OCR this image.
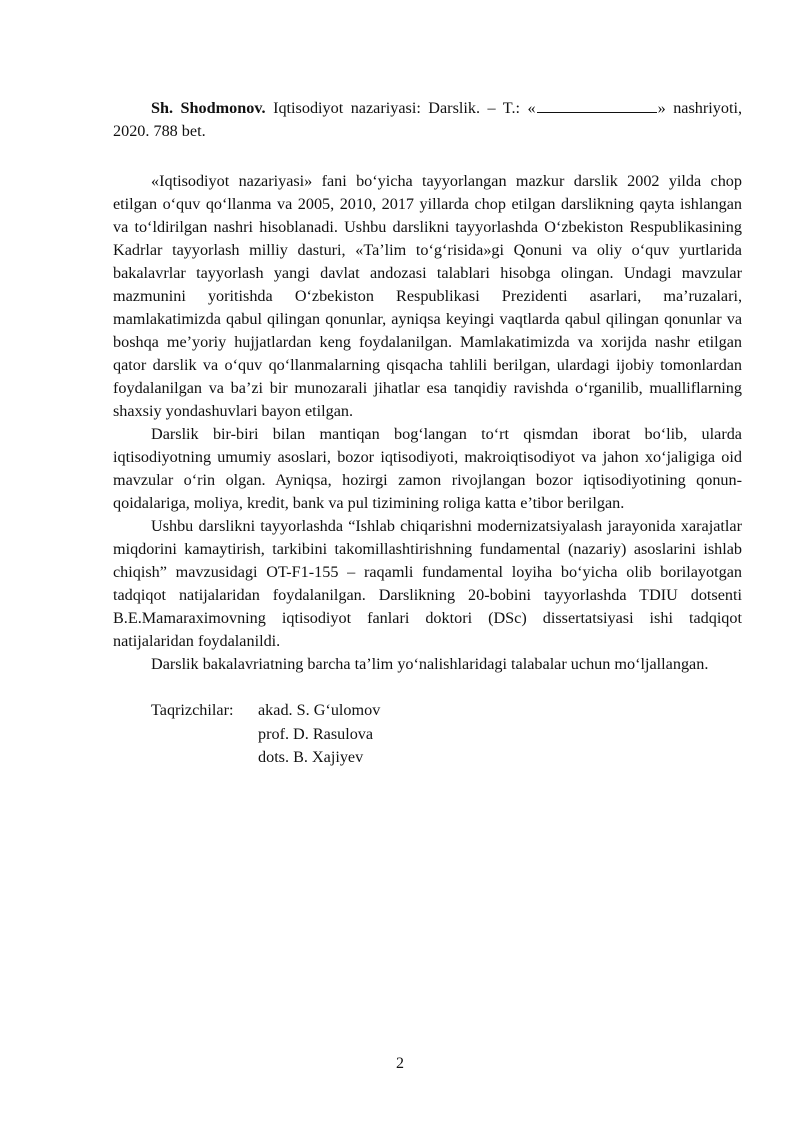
Sh. Shodmonov. Iqtisodiyot nazariyasi: Darslik. – T.: «	» nashriyoti, 2020. 788 bet.

«Iqtisodiyot nazariyasi» fani bo‘yicha tayyorlangan mazkur darslik 2002 yilda chop etilgan o‘quv qo‘llanma va 2005, 2010, 2017 yillarda chop etilgan darslikning qayta ishlangan va to‘ldirilgan nashri hisoblanadi. Ushbu darslikni tayyorlashda O‘zbekiston Respublikasining Kadrlar tayyorlash milliy dasturi, «Ta’lim to‘g‘risida»gi Qonuni va oliy o‘quv yurtlarida bakalavrlar tayyorlash yangi davlat andozasi talablari hisobga olingan. Undagi mavzular mazmunini yoritishda O‘zbekiston Respublikasi Prezidenti asarlari, ma’ruzalari, mamlakatimizda qabul qilingan qonunlar, ayniqsa keyingi vaqtlarda qabul qilingan qonunlar va boshqa me’yoriy hujjatlardan keng foydalanilgan. Mamlakatimizda va xorijda nashr etilgan qator darslik va o‘quv qo‘llanmalarning qisqacha tahlili berilgan, ulardagi ijobiy tomonlardan foydalanilgan va ba’zi bir munozarali jihatlar esa tanqidiy ravishda o‘rganilib, mualliflarning shaxsiy yondashuvlari bayon etilgan.

Darslik bir-biri bilan mantiqan bog‘langan to‘rt qismdan iborat bo‘lib, ularda iqtisodiyotning umumiy asoslari, bozor iqtisodiyoti, makroiqtisodiyot va jahon xo‘jaligiga oid mavzular o‘rin olgan. Ayniqsa, hozirgi zamon rivojlangan bozor iqtisodiyotining qonun-qoidalariga, moliya, kredit, bank va pul tizimining roliga katta e’tibor berilgan.

Ushbu darslikni tayyorlashda “Ishlab chiqarishni modernizatsiyalash jarayonida xarajatlar miqdorini kamaytirish, tarkibini takomillashtirishning fundamental (nazariy) asoslarini ishlab chiqish” mavzusidagi OT-F1-155 – raqamli fundamental loyiha bo‘yicha olib borilayotgan tadqiqot natijalaridan foydalanilgan. Darslikning 20-bobini tayyorlashda TDIU dotsenti B.E.Mamaraximovning iqtisodiyot fanlari doktori (DSc) dissertatsiyasi ishi tadqiqot natijalaridan foydalanildi.

Darslik bakalavriatning barcha ta’lim yo‘nalishlaridagi talabalar uchun mo‘ljallangan.

Taqrizchilar:	akad. S. G‘ulomov
prof. D. Rasulova
dots. B. Xajiyev
2
